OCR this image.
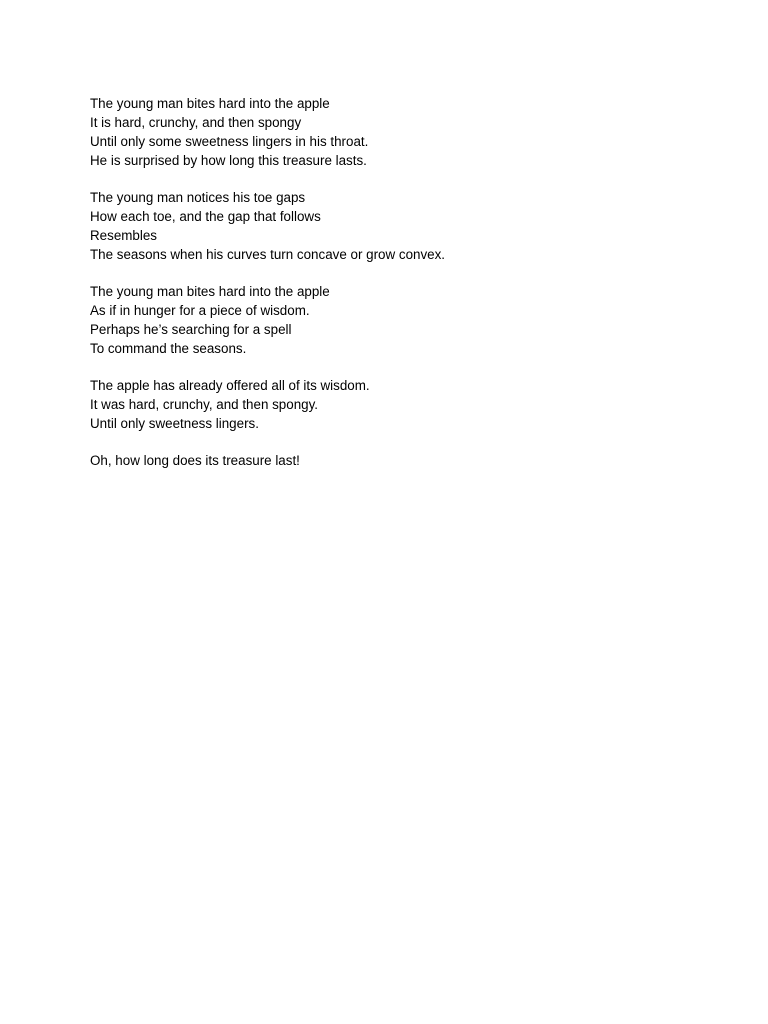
The young man bites hard into the apple
It is hard, crunchy, and then spongy
Until only some sweetness lingers in his throat.
He is surprised by how long this treasure lasts.
The young man notices his toe gaps
How each toe, and the gap that follows
Resembles
The seasons when his curves turn concave or grow convex.
The young man bites hard into the apple
As if in hunger for a piece of wisdom.
Perhaps he’s searching for a spell
To command the seasons.
The apple has already offered all of its wisdom.
It was hard, crunchy, and then spongy.
Until only sweetness lingers.
Oh, how long does its treasure last!
